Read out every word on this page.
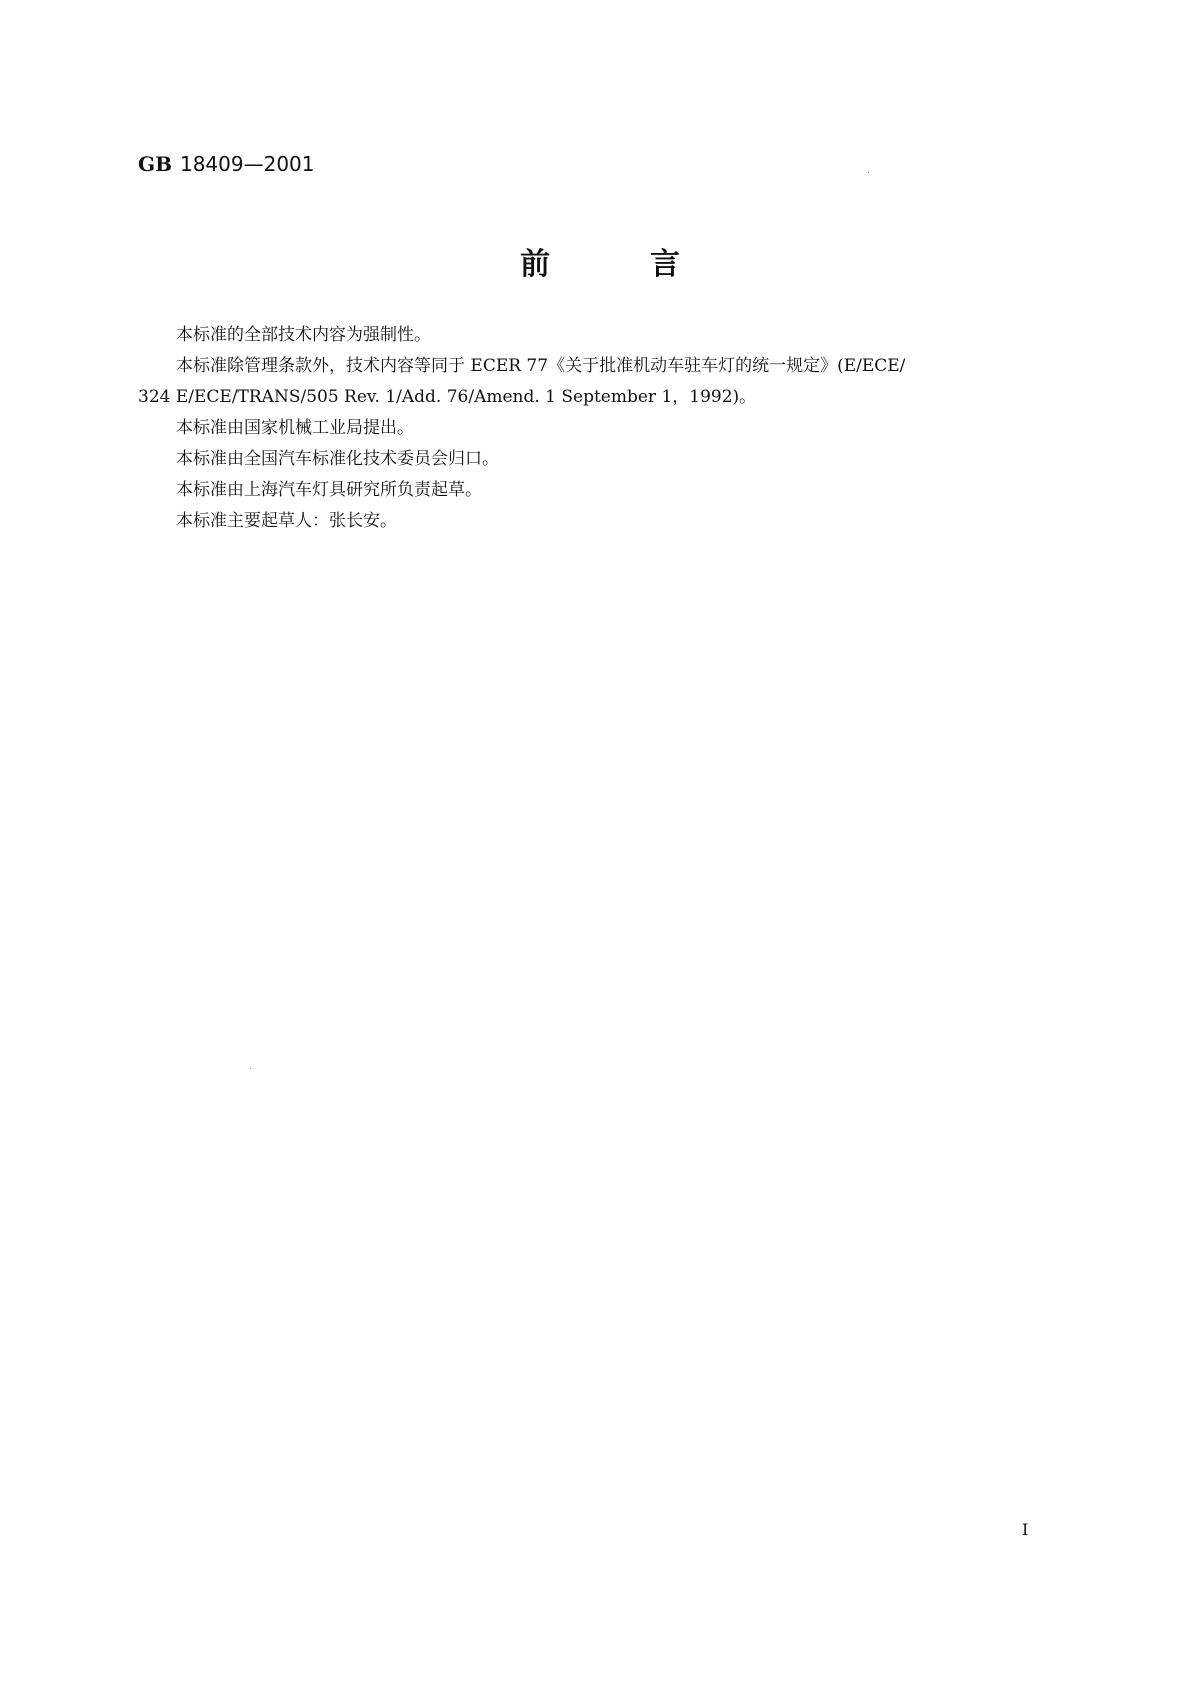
GB 18409—2001
前	言

本标准的全部技术内容为强制性。

本标准除管理条款外，技术内容等同于 ECER 77《关于批准机动车驻车灯的统一规定》(E/ECE/

324 E/ECE/TRANS/505 Rev. 1/Add. 76/Amend. 1 September 1，1992)。

本标准由国家机械工业局提出。

本标准由全国汽车标准化技术委员会归口。

本标准由上海汽车灯具研究所负责起草。

本标准主要起草人：张长安。

I
